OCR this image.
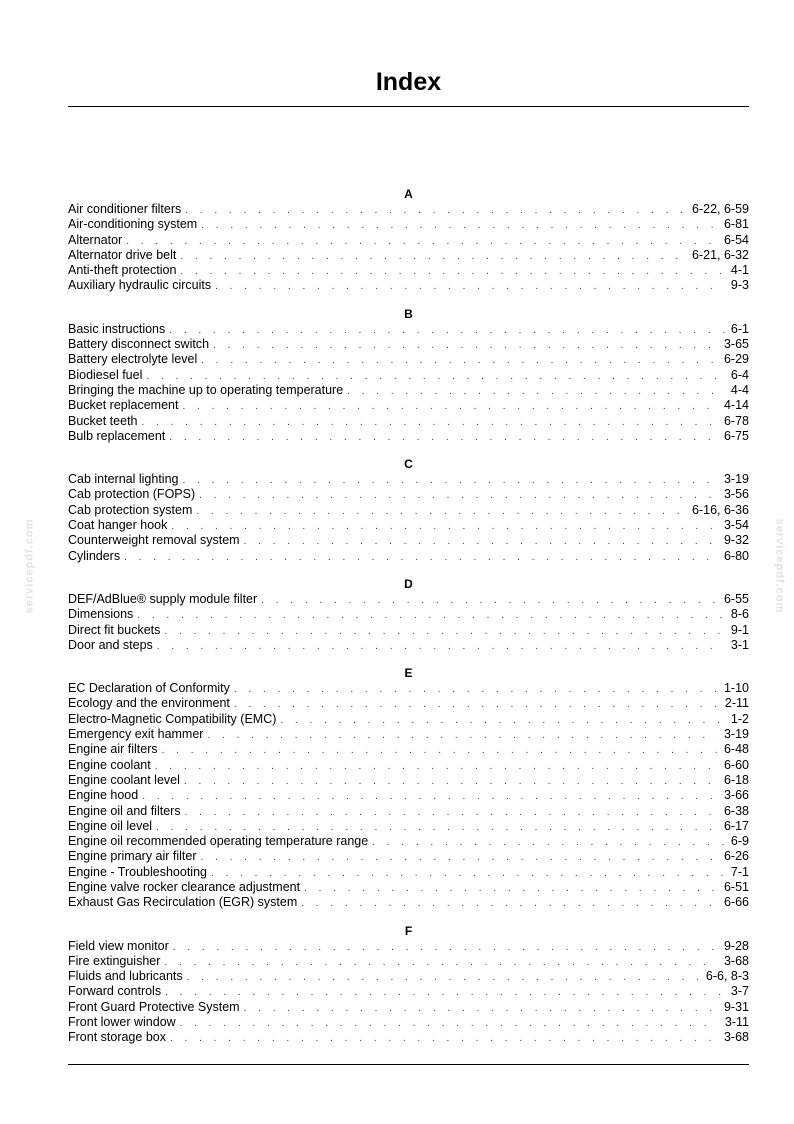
Index
A
Air conditioner filters . . .	6-22, 6-59
Air-conditioning system . . .	6-81
Alternator . . .	6-54
Alternator drive belt . . .	6-21, 6-32
Anti-theft protection . . .	4-1
Auxiliary hydraulic circuits . . .	9-3
B
Basic instructions . . .	6-1
Battery disconnect switch . . .	3-65
Battery electrolyte level . . .	6-29
Biodiesel fuel . . .	6-4
Bringing the machine up to operating temperature . . .	4-4
Bucket replacement . . .	4-14
Bucket teeth . . .	6-78
Bulb replacement . . .	6-75
C
Cab internal lighting . . .	3-19
Cab protection (FOPS) . . .	3-56
Cab protection system . . .	6-16, 6-36
Coat hanger hook . . .	3-54
Counterweight removal system . . .	9-32
Cylinders . . .	6-80
D
DEF/AdBlue® supply module filter . . .	6-55
Dimensions . . .	8-6
Direct fit buckets . . .	9-1
Door and steps . . .	3-1
E
EC Declaration of Conformity . . .	1-10
Ecology and the environment . . .	2-11
Electro-Magnetic Compatibility (EMC) . . .	1-2
Emergency exit hammer . . .	3-19
Engine air filters . . .	6-48
Engine coolant . . .	6-60
Engine coolant level . . .	6-18
Engine hood . . .	3-66
Engine oil and filters . . .	6-38
Engine oil level . . .	6-17
Engine oil recommended operating temperature range . . .	6-9
Engine primary air filter . . .	6-26
Engine - Troubleshooting . . .	7-1
Engine valve rocker clearance adjustment . . .	6-51
Exhaust Gas Recirculation (EGR) system . . .	6-66
F
Field view monitor . . .	9-28
Fire extinguisher . . .	3-68
Fluids and lubricants . . .	6-6, 8-3
Forward controls . . .	3-7
Front Guard Protective System . . .	9-31
Front lower window . . .	3-11
Front storage box . . .	3-68
servicepdf.com	servicepdf.com
